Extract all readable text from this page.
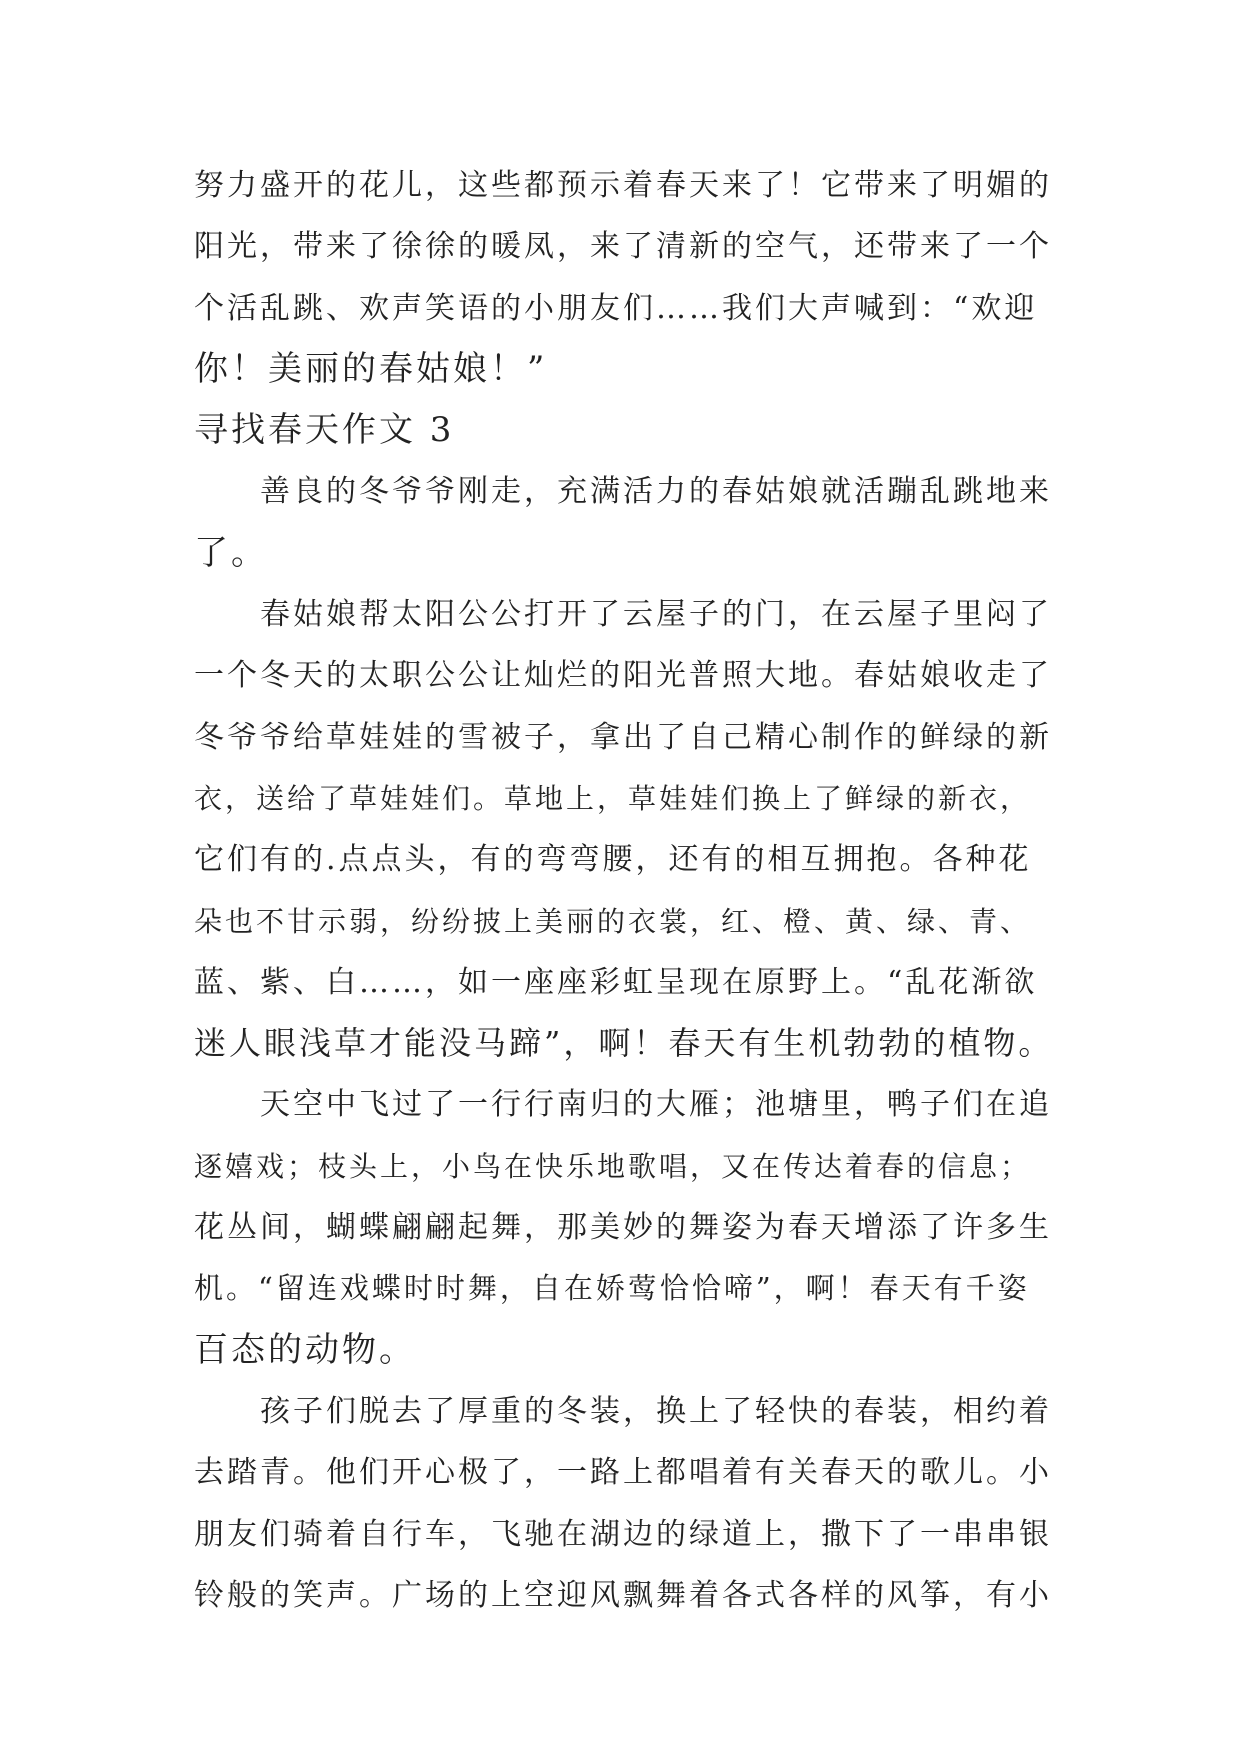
努力盛开的花儿，这些都预示着春天来了！它带来了明媚的
阳光，带来了徐徐的暖凤，来了清新的空气，还带来了一个
个活乱跳、欢声笑语的小朋友们……我们大声喊到：“欢迎
你！美丽的春姑娘！”
寻找春天作文 3
　　善良的冬爷爷刚走，充满活力的春姑娘就活蹦乱跳地来
了。
　　春姑娘帮太阳公公打开了云屋子的门，在云屋子里闷了
一个冬天的太职公公让灿烂的阳光普照大地。春姑娘收走了
冬爷爷给草娃娃的雪被子，拿出了自己精心制作的鲜绿的新
衣，送给了草娃娃们。草地上，草娃娃们换上了鲜绿的新衣，
它们有的.点点头，有的弯弯腰，还有的相互拥抱。各种花
朵也不甘示弱，纷纷披上美丽的衣裳，红、橙、黄、绿、青、
蓝、紫、白……，如一座座彩虹呈现在原野上。“乱花渐欲
迷人眼浅草才能没马蹄”，啊！春天有生机勃勃的植物。
　　天空中飞过了一行行南归的大雁；池塘里，鸭子们在追
逐嬉戏；枝头上，小鸟在快乐地歌唱，又在传达着春的信息；
花丛间，蝴蝶翩翩起舞，那美妙的舞姿为春天增添了许多生
机。“留连戏蝶时时舞，自在娇莺恰恰啼”，啊！春天有千姿
百态的动物。
　　孩子们脱去了厚重的冬装，换上了轻快的春装，相约着
去踏青。他们开心极了，一路上都唱着有关春天的歌儿。小
朋友们骑着自行车，飞驰在湖边的绿道上，撒下了一串串银
铃般的笑声。广场的上空迎风飘舞着各式各样的风筝，有小
